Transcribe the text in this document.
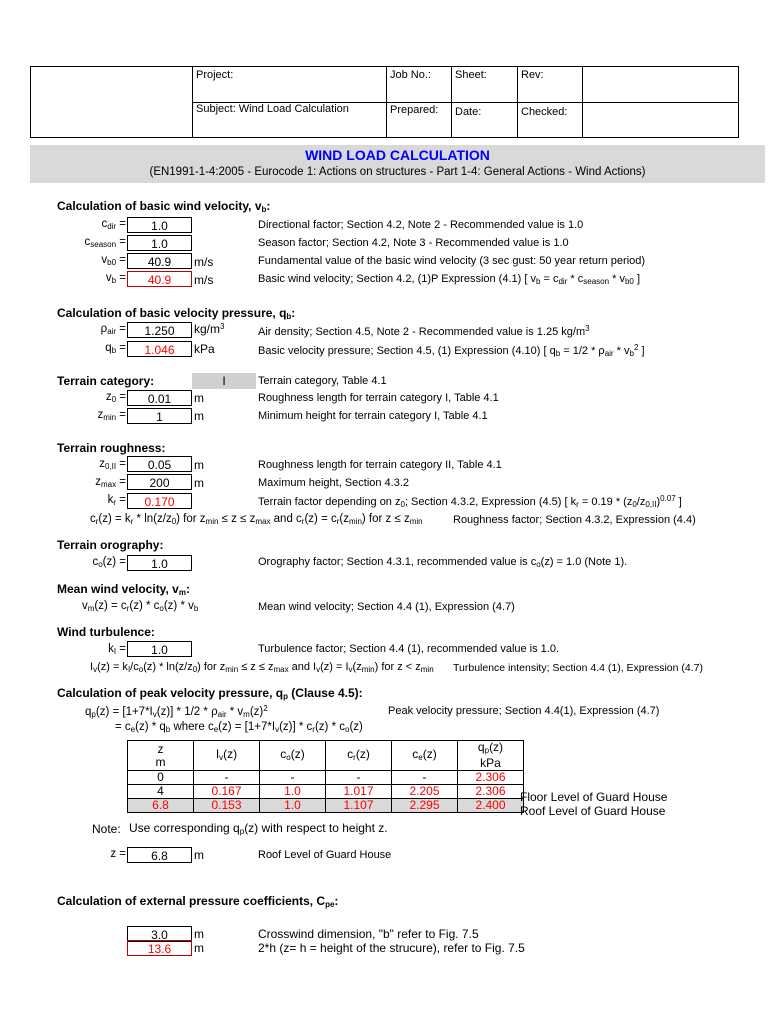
Project:	Job No.:	Sheet:	Rev:
Subject: Wind Load Calculation	Prepared:	Date:	Checked:
WIND LOAD CALCULATION
(EN1991-1-4:2005 - Eurocode 1: Actions on structures - Part 1-4: General Actions - Wind Actions)
Calculation of basic wind velocity, $v_b$:
$c_{dir}$ =	1.0	Directional factor; Section 4.2, Note 2 - Recommended value is 1.0
$c_{season}$ =	1.0	Season factor; Section 4.2, Note 3 - Recommended value is 1.0
$v_{b0}$ =	40.9	m/s	Fundamental value of the basic wind velocity (3 sec gust: 50 year return period)
$v_b$ =	40.9	m/s	Basic wind velocity; Section 4.2, (1)P Expression (4.1) [ $v_b = c_{dir} * c_{season} * v_{b0}$ ]
Calculation of basic velocity pressure, $q_b$:
$\rho_{air}$ =	1.250	$kg/m^3$	Air density; Section 4.5, Note 2 - Recommended value is 1.25 $kg/m^3$
$q_b$ =	1.046	kPa	Basic velocity pressure; Section 4.5, (1) Expression (4.10) [ $q_b = 1/2 * \rho_{air} * v_b^2$ ]
Terrain category:	I	Terrain category, Table 4.1
$z_0$ =	0.01	m	Roughness length for terrain category I, Table 4.1
$z_{min}$ =	1	m	Minimum height for terrain category I, Table 4.1
Terrain roughness:
$z_{0,II}$ =	0.05	m	Roughness length for terrain category II, Table 4.1
$z_{max}$ =	200	m	Maximum height, Section 4.3.2
$k_r$ =	0.170	Terrain factor depending on $z_0$; Section 4.3.2, Expression (4.5) [ $k_r = 0.19 * (z_0/z_{0,II})^{0.07}$ ]
$c_r(z) = k_r * \ln(z/z_0)$ for $z_{min} \le z \le z_{max}$ and $c_r(z) = c_r(z_{min})$ for $z \le z_{min}$	Roughness factor; Section 4.3.2, Expression (4.4)
Terrain orography:
$c_o(z)$ =	1.0	Orography factor; Section 4.3.1, recommended value is $c_o(z) = 1.0$ (Note 1).
Mean wind velocity, $v_m$:
$v_m(z) = c_r(z) * c_o(z) * v_b$	Mean wind velocity; Section 4.4 (1), Expression (4.7)
Wind turbulence:
$k_I$ =	1.0	Turbulence factor; Section 4.4 (1), recommended value is 1.0.
$I_v(z) = k_I/c_o(z) * \ln(z/z_0)$ for $z_{min} \le z \le z_{max}$ and $I_v(z) = I_v(z_{min})$ for $z < z_{min}$ Turbulence intensity; Section 4.4 (1), Expression (4.7)
Calculation of peak velocity pressure, $q_p$ (Clause 4.5):
$q_p(z) = [1+7*I_v(z)] * 1/2 * \rho_{air} * v_m(z)^2$	Peak velocity pressure; Section 4.4(1), Expression (4.7)
= $c_e(z) * q_b$ where $c_e(z) = [1+7*I_v(z)] * c_r(z) * c_o(z)$
z
m	$I_v(z)$	$c_o(z)$	$c_r(z)$	$c_e(z)$	$q_p(z)$
kPa
0	-	-	-	-	2.306
4	0.167	1.0	1.017	2.205	2.306
6.8	0.153	1.0	1.107	2.295	2.400
Floor Level of Guard House
Roof Level of Guard House
Note: Use corresponding $q_p(z)$ with respect to height z.
z =	6.8	m	Roof Level of Guard House
Calculation of external pressure coefficients, $C_{pe}$:
3.0	m	Crosswind dimension, "b" refer to Fig. 7.5
13.6	m	2*h (z= h = height of the strucure), refer to Fig. 7.5
